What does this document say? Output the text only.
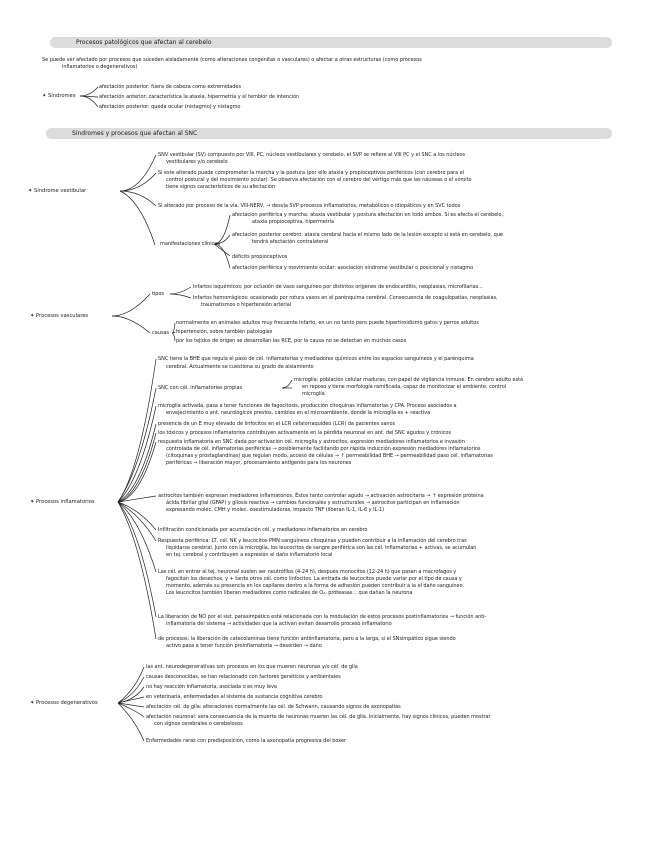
Procesos patológicos que afectan al cerebelo
Se puede ver afectado por procesos que suceden aisladamente (como alteraciones congénitas o vasculares) o afectar a otras estructuras (como procesos
inflamatorios o degenerativos)
✦ Síndromes
afectación posterior: fuera de cabeza como extremidades
afectación anterior: característica la ataxia, hipermetría y el temblor de intención
afectación posterior: queda ocular (nistagmo) y nistagmo
Síndromes y procesos que afectan al SNC
✦ Síndrome vestibular
SNV vestibular (SV) compuesto por VIII, PC, núcleos vestibulares y cerebelo, el SVP se refiere al VIII PC y el SNC a los núcleos
vestibulares y/o cerebelo
Si este alterado puede comprometer la marcha y la postura (por ello ataxia y propioceptivos periféricos (con cerebro para el
control postural y del movimiento ocular). Se observa afectación con el cerebro del vértigo más que las náuseas o el vómito
tiene signos característicos de su afectación
Si alterado por proceso de la vía, VIII-NERV, → desvía SVP procesos inflamatorios, metabólicos o idiopáticos y en SVC todos
afectación periférica y marcha: ataxia vestibular y postura afectación en todo ambos. Si es afecta el cerebelo,
ataxia propioceptiva, hipermetría
afectación posterior cerebro: ataxia cerebral hacia el mismo lado de la lesión excepto si está en cerebelo, que
tendrá afectación contralateral
déficits propioceptivos
afectación periférica y movimiento ocular: asociación síndrome vestibular o posicional y nistagmo
manifestaciones clínicas
✦ Procesos vasculares
tipos
Infartos isquémicos: por oclusión de vaso sanguíneo por distintos orígenes de endocarditis, neoplasias, microfilarias...
Infartos hemorrágicos: ocasionado por rotura vasos en el parénquima cerebral. Consecuencia de coagulopatías, neoplasias,
traumatismos o hipertensión arterial
causas
normalmente en animales adultos muy frecuente infarto, en un no tanto pero puede hipertiroidismo gatos y perros adultos
hipertensión, sobre también patologías
por los tejidos de origen se desarrollan las RCE, por la causa no se detectan en muchos casos
✦ Procesos inflamatorios
SNC tiene la BHE que regula el paso de cél. inflamatorias y mediadores químicos entre los espacios sanguíneos y el parénquima
cerebral. Actualmente se cuestiona su grado de aislamiento
SNC con cél. inflamatorias propias
microglía: población celular maduras, con papel de vigilancia inmune. En cerebro adulto está
en reposo y tiene morfología ramificada, capaz de monitorizar el ambiente; control
microglía
microglía activada, pasa a tener funciones de fagocitosis, producción citoquinas inflamatorias y CPA. Proceso asociados a
envejecimiento o ant. neurológicos previos, cambios en el microambiente, donde la microglía es + reactiva
presencia de un E muy elevado de linfocitos en el LCR cefalorraquídeo (LCR) da pacientes sanos
los tóxicos y procesos inflamatorios contribuyen activamente en la pérdida neuronal en ant. del SNC agudos y crónicos
respuesta inflamatoria en SNC dada por activación cél. microglía y astrocitos, expresión mediadores inflamatorios e invasión
controlada de cél. inflamatorias periféricas → posiblemente facilitando por rápida inducción expresión mediadores inflamatorios
(citoquinas y prostaglandinas) que regulan modo, acceso de células → ↑ permeabilidad BHE → permeabilidad paso cél. inflamatorias
periféricas → liberación mayor, procesamiento antígenos para los neurones
astrocitos también expresan mediadores inflamatorios. Éstos tanto controlar agudo → activación astrocitaria → ↑ expresión proteína
ácida fibrilar glial (GFAP) y gliosis reactiva → cambios funcionales y estructurales → astrocitos participan en inflamación
expresando moléc. CMH y molec. coestimuladoras, impacto TNF (liberan IL-1, IL-6 y IL-1)
Infiltración condicionada por acumulación cél. y mediadores inflamatorios en cerebro
Respuesta periférica: LT, cél. NK y leucocitos PMN sanguíneos citoquinas y pueden contribuir a la inflamación del cerebro tras
liquidarse cerebral. Junto con la microglía, los leucocitos de sangre periférica son las cél. inflamatorias + activas, se acumulan
en tej. cerebral y contribuyen a expresión el daño inflamatorio local
Las cél. en entrar al tej. neuronal suelen ser neutrófilos (4-24 h), después monocitos (12-24 h) que pasan a macrófagos y
fagocitan los desechos, y + tarde otros cél. como linfocitos. La entrada de leucocitos puede variar por el tipo de causa y
momento, además su presencia en los capilares dentro a la forma de adhesión pueden contribuir a la el daño sanguíneo.
Los leucocitos también liberan mediadores como radicales de O₂, proteasas... que dañan la neurona
La liberación de NO por el sist. parasimpático está relacionada con la modulación de estos procesos postinflamatorios → función anti-
inflamatoria del sistema → actividades que la activan evitan desarrollo proceso inflamatorio
de procesos: la liberación de catecolaminas tiene función antiinflamatoria, pero a la larga, si el SNsimpático sigue siendo
activo pasa a tener función proinflamatoria → desorden → daño
✦ Procesos degenerativos
las ant. neurodegenerativas son procesos en los que mueren neuronas y/o cél. de glía
causas desconocidas, se han relacionado con factores genéticos y ambientales
no hay reacción inflamatoria, asociada o es muy leve
en veterinaria, enfermedades al sistema de sustancia cognitiva cerebro
afectación cél. de glía: alteraciones normalmente las cél. de Schwann, causando signos de axonopatías
afectación neuronal: sera consecuencia de la muerte de neuronas mueren las cél. de glía. Inicialmente, hay signos clínicos, pueden mostrar
con signos cerebrales o cerebelosos
Enfermedades raras con predisposición, como la axonopatía progresiva del boxer
